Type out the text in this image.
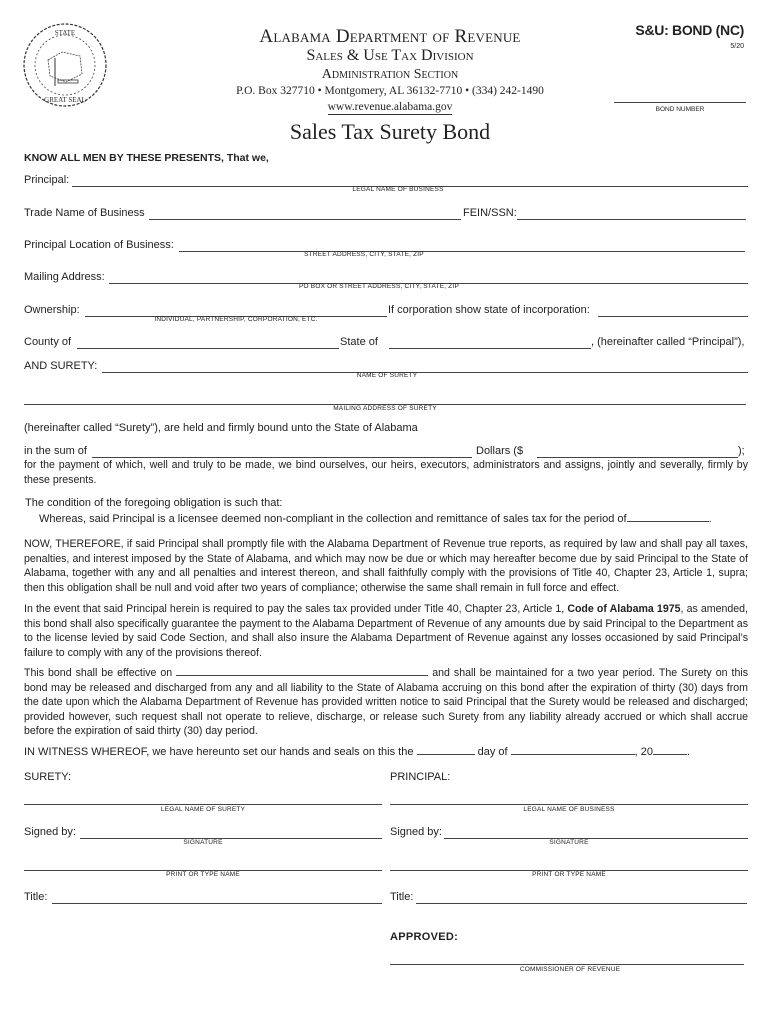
STATE
GREAT SEAL
Alabama Department of Revenue
Sales & Use Tax Division
Administration Section
P.O. Box 327710 • Montgomery, AL 36132-7710 • (334) 242-1490
www.revenue.alabama.gov
Sales Tax Surety Bond
S&U: BOND (NC)
5/20
BOND NUMBER
KNOW ALL MEN BY THESE PRESENTS, That we,
Principal:
LEGAL NAME OF BUSINESS
Trade Name of Business	FEIN/SSN:
Principal Location of Business:
STREET ADDRESS, CITY, STATE, ZIP
Mailing Address:
PO BOX OR STREET ADDRESS, CITY, STATE, ZIP
Ownership:
INDIVIDUAL, PARTNERSHIP, CORPORATION, ETC.
If corporation show state of incorporation:
County of	State of	, (hereinafter called “Principal”),
AND SURETY:
NAME OF SURETY
MAILING ADDRESS OF SURETY
(hereinafter called “Surety”), are held and firmly bound unto the State of Alabama
in the sum of	Dollars ($	);
for the payment of which, well and truly to be made, we bind ourselves, our heirs, executors, administrators and assigns, jointly and severally, firmly by these presents.
The condition of the foregoing obligation is such that:
Whereas, said Principal is a licensee deemed non-compliant in the collection and remittance of sales tax for the period of	.
NOW, THEREFORE, if said Principal shall promptly file with the Alabama Department of Revenue true reports, as required by law and shall pay all taxes, penalties, and interest imposed by the State of Alabama, and which may now be due or which may hereafter become due by said Principal to the State of Alabama, together with any and all penalties and interest thereon, and shall faithfully comply with the provisions of Title 40, Chapter 23, Article 1, supra; then this obligation shall be null and void after two years of compliance; otherwise the same shall remain in full force and effect.
In the event that said Principal herein is required to pay the sales tax provided under Title 40, Chapter 23, Article 1, Code of Alabama 1975, as amended, this bond shall also specifically guarantee the payment to the Alabama Department of Revenue of any amounts due by said Principal to the Department as to the license levied by said Code Section, and shall also insure the Alabama Department of Revenue against any losses occasioned by said Principal’s failure to comply with any of the provisions thereof.
This bond shall be effective on	and shall be maintained for a two year period. The Surety on this bond may be released and discharged from any and all liability to the State of Alabama accruing on this bond after the expiration of thirty (30) days from the date upon which the Alabama Department of Revenue has provided written notice to said Principal that the Surety would be released and discharged; provided however, such request shall not operate to relieve, discharge, or release such Surety from any liability already accrued or which shall accrue before the expiration of said thirty (30) day period.
IN WITNESS WHEREOF, we have hereunto set our hands and seals on this the	day of	, 20	.
SURETY:
LEGAL NAME OF SURETY
Signed by:
SIGNATURE
PRINT OR TYPE NAME
Title:
PRINCIPAL:
LEGAL NAME OF BUSINESS
Signed by:
SIGNATURE
PRINT OR TYPE NAME
Title:
APPROVED:
COMMISSIONER OF REVENUE
